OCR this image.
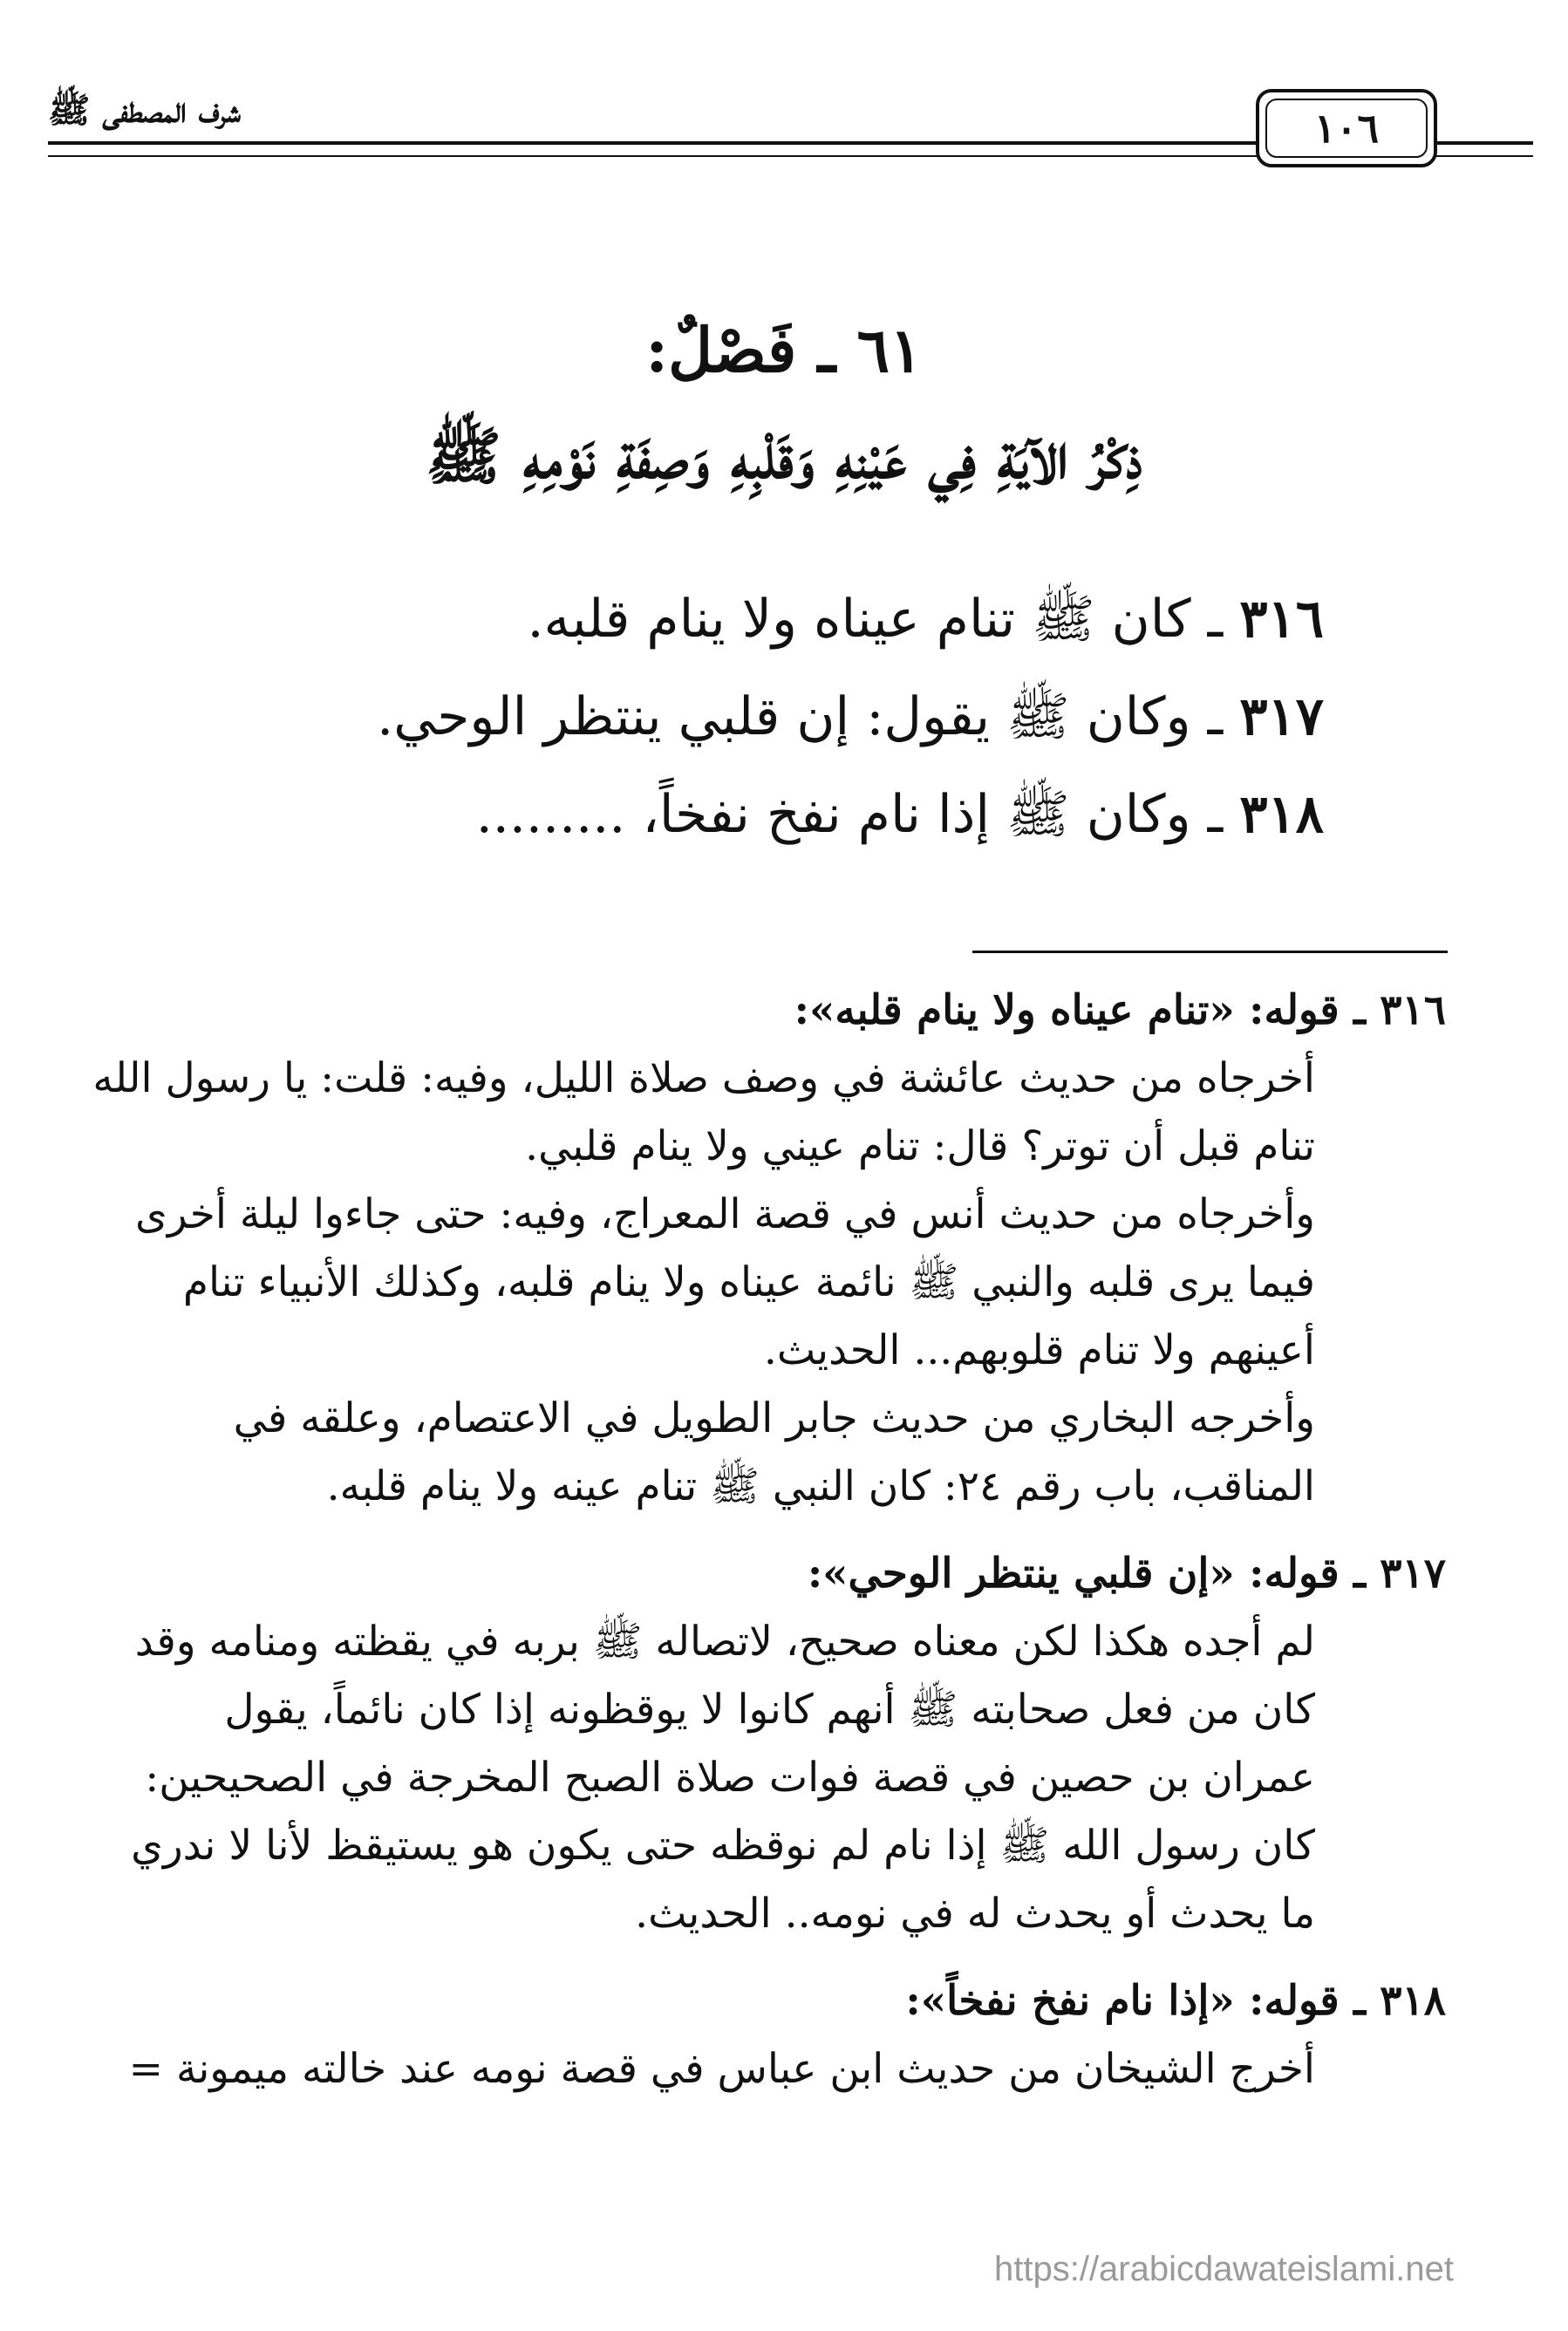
شرف المصطفى ﷺ	١٠٦
٦١ ـ فَصْلٌ:
ذِكْرُ الآيَةِ فِي عَيْنِهِ وَقَلْبِهِ وَصِفَةِ نَوْمِهِ ﷺ
٣١٦ ـ كان ﷺ تنام عيناه ولا ينام قلبه.
٣١٧ ـ وكان ﷺ يقول: إن قلبي ينتظر الوحي.
٣١٨ ـ وكان ﷺ إذا نام نفخ نفخاً، .........
٣١٦ ـ قوله: «تنام عيناه ولا ينام قلبه»:

أخرجاه من حديث عائشة في وصف صلاة الليل، وفيه: قلت: يا رسول الله

تنام قبل أن توتر؟ قال: تنام عيني ولا ينام قلبي.

وأخرجاه من حديث أنس في قصة المعراج، وفيه: حتى جاءوا ليلة أخرى

فيما يرى قلبه والنبي ﷺ نائمة عيناه ولا ينام قلبه، وكذلك الأنبياء تنام

أعينهم ولا تنام قلوبهم... الحديث.

وأخرجه البخاري من حديث جابر الطويل في الاعتصام، وعلقه في

المناقب، باب رقم ٢٤: كان النبي ﷺ تنام عينه ولا ينام قلبه.

٣١٧ ـ قوله: «إن قلبي ينتظر الوحي»:

لم أجده هكذا لكن معناه صحيح، لاتصاله ﷺ بربه في يقظته ومنامه وقد

كان من فعل صحابته ﷺ أنهم كانوا لا يوقظونه إذا كان نائماً، يقول

عمران بن حصين في قصة فوات صلاة الصبح المخرجة في الصحيحين:

كان رسول الله ﷺ إذا نام لم نوقظه حتى يكون هو يستيقظ لأنا لا ندري

ما يحدث أو يحدث له في نومه.. الحديث.

٣١٨ ـ قوله: «إذا نام نفخ نفخاً»:

أخرج الشيخان من حديث ابن عباس في قصة نومه عند خالته ميمونة =

https://arabicdawateislami.net
